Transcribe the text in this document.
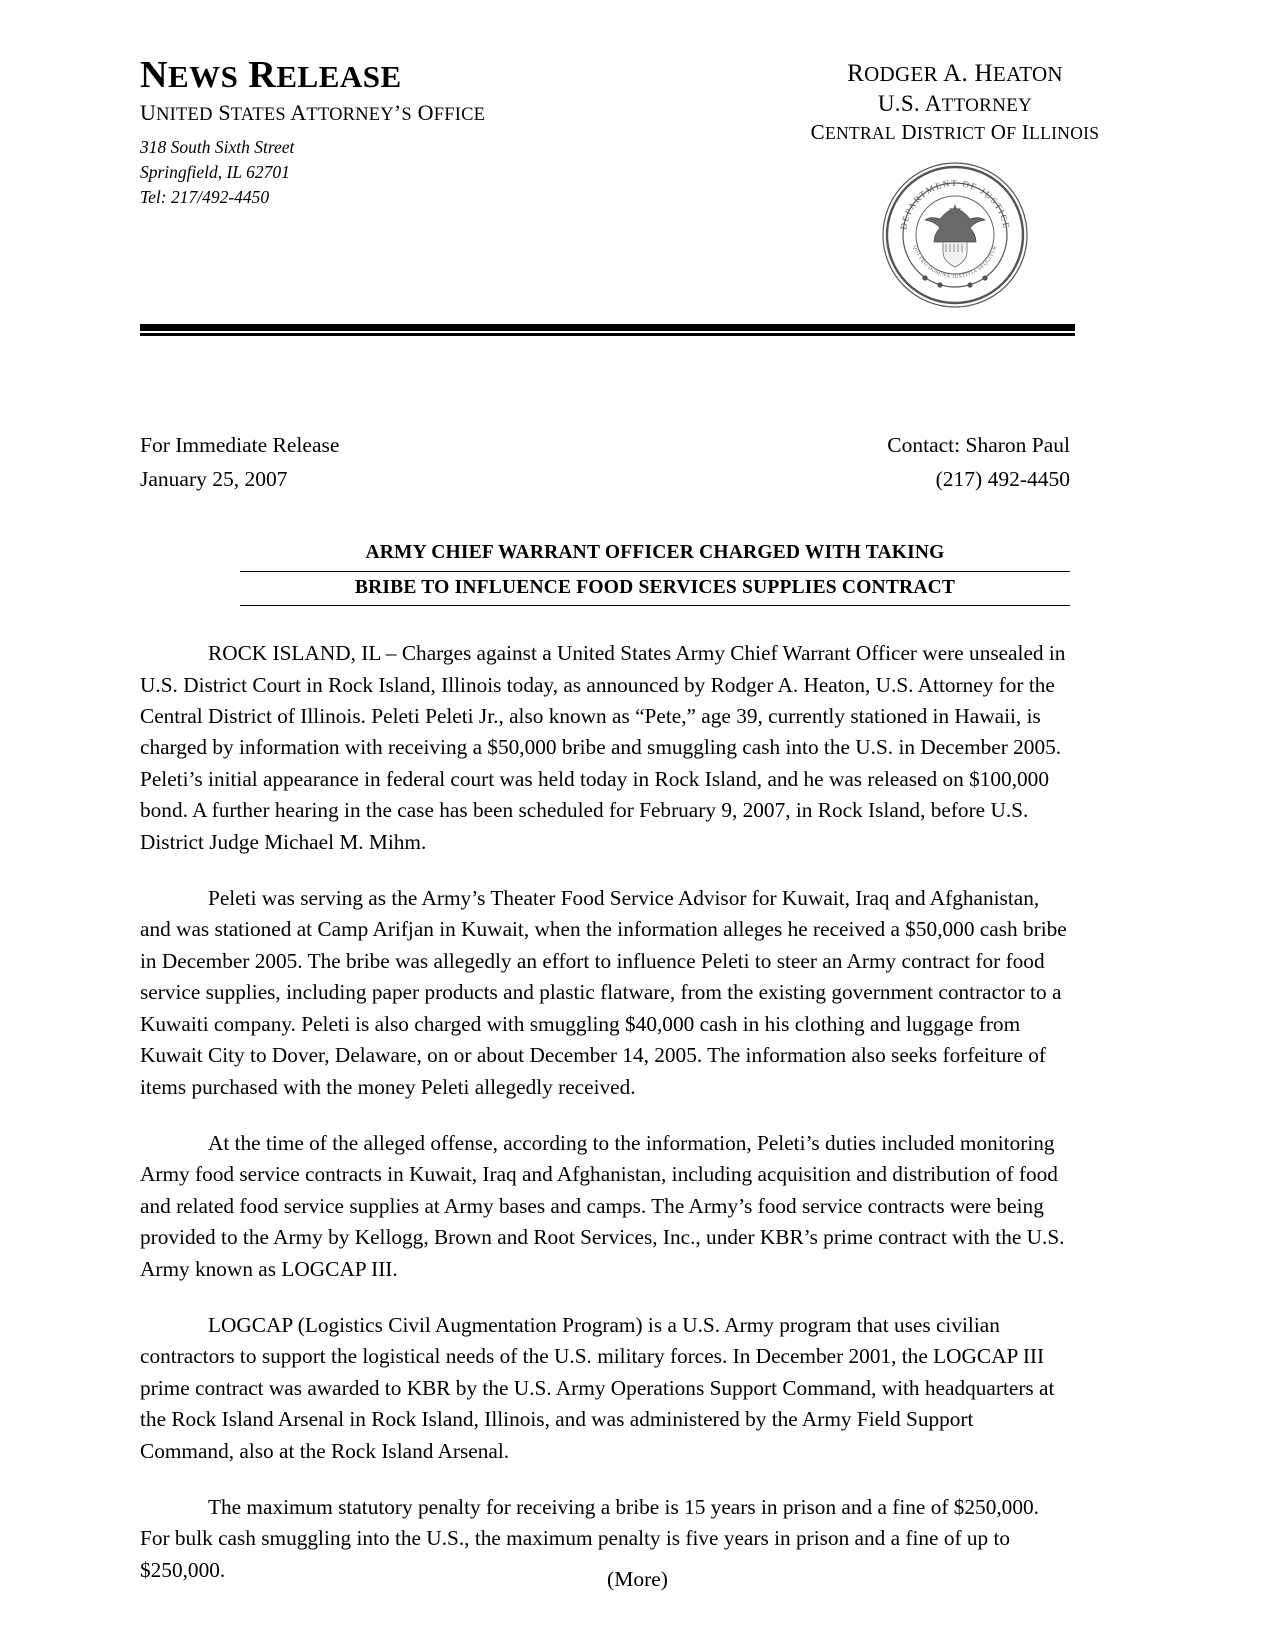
NEWS RELEASE
UNITED STATES ATTORNEY’S OFFICE
318 South Sixth Street
Springfield, IL 62701
Tel: 217/492-4450
RODGER A. HEATON
U.S. ATTORNEY
CENTRAL DISTRICT OF ILLINOIS
DEPARTMENT OF JUSTICE
QUI PRO DOMINA JUSTITIA SEQUITUR
For Immediate Release
January 25, 2007
Contact: Sharon Paul
(217) 492-4450
ARMY CHIEF WARRANT OFFICER CHARGED WITH TAKING
BRIBE TO INFLUENCE FOOD SERVICES SUPPLIES CONTRACT

ROCK ISLAND, IL – Charges against a United States Army Chief Warrant Officer were unsealed in U.S. District Court in Rock Island, Illinois today, as announced by Rodger A. Heaton, U.S. Attorney for the Central District of Illinois. Peleti Peleti Jr., also known as “Pete,” age 39, currently stationed in Hawaii, is charged by information with receiving a $50,000 bribe and smuggling cash into the U.S. in December 2005. Peleti’s initial appearance in federal court was held today in Rock Island, and he was released on $100,000 bond. A further hearing in the case has been scheduled for February 9, 2007, in Rock Island, before U.S. District Judge Michael M. Mihm.

Peleti was serving as the Army’s Theater Food Service Advisor for Kuwait, Iraq and Afghanistan, and was stationed at Camp Arifjan in Kuwait, when the information alleges he received a $50,000 cash bribe in December 2005. The bribe was allegedly an effort to influence Peleti to steer an Army contract for food service supplies, including paper products and plastic flatware, from the existing government contractor to a Kuwaiti company. Peleti is also charged with smuggling $40,000 cash in his clothing and luggage from Kuwait City to Dover, Delaware, on or about December 14, 2005. The information also seeks forfeiture of items purchased with the money Peleti allegedly received.

At the time of the alleged offense, according to the information, Peleti’s duties included monitoring Army food service contracts in Kuwait, Iraq and Afghanistan, including acquisition and distribution of food and related food service supplies at Army bases and camps. The Army’s food service contracts were being provided to the Army by Kellogg, Brown and Root Services, Inc., under KBR’s prime contract with the U.S. Army known as LOGCAP III.

LOGCAP (Logistics Civil Augmentation Program) is a U.S. Army program that uses civilian contractors to support the logistical needs of the U.S. military forces. In December 2001, the LOGCAP III prime contract was awarded to KBR by the U.S. Army Operations Support Command, with headquarters at the Rock Island Arsenal in Rock Island, Illinois, and was administered by the Army Field Support Command, also at the Rock Island Arsenal.

The maximum statutory penalty for receiving a bribe is 15 years in prison and a fine of $250,000. For bulk cash smuggling into the U.S., the maximum penalty is five years in prison and a fine of up to $250,000.	(More)
